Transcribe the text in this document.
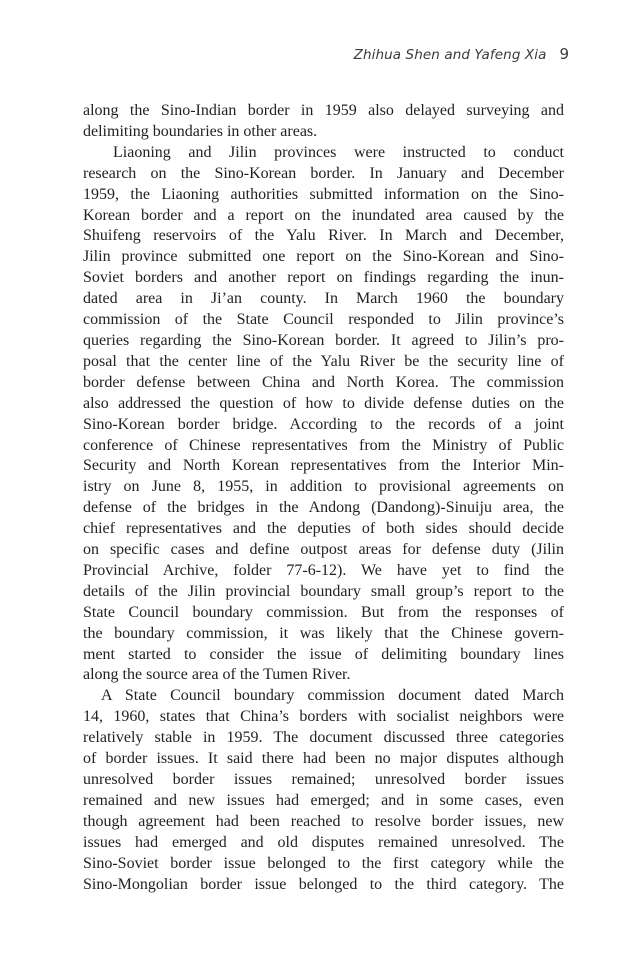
Zhihua Shen and Yafeng Xia 9
along the Sino-Indian border in 1959 also delayed surveying and
delimiting boundaries in other areas.
Liaoning and Jilin provinces were instructed to conduct
research on the Sino-Korean border. In January and December
1959, the Liaoning authorities submitted information on the Sino-
Korean border and a report on the inundated area caused by the
Shuifeng reservoirs of the Yalu River. In March and December,
Jilin province submitted one report on the Sino-Korean and Sino-
Soviet borders and another report on findings regarding the inun-
dated area in Ji’an county. In March 1960 the boundary
commission of the State Council responded to Jilin province’s
queries regarding the Sino-Korean border. It agreed to Jilin’s pro-
posal that the center line of the Yalu River be the security line of
border defense between China and North Korea. The commission
also addressed the question of how to divide defense duties on the
Sino-Korean border bridge. According to the records of a joint
conference of Chinese representatives from the Ministry of Public
Security and North Korean representatives from the Interior Min-
istry on June 8, 1955, in addition to provisional agreements on
defense of the bridges in the Andong (Dandong)-Sinuiju area, the
chief representatives and the deputies of both sides should decide
on specific cases and define outpost areas for defense duty (Jilin
Provincial Archive, folder 77-6-12). We have yet to find the
details of the Jilin provincial boundary small group’s report to the
State Council boundary commission. But from the responses of
the boundary commission, it was likely that the Chinese govern-
ment started to consider the issue of delimiting boundary lines
along the source area of the Tumen River.
A State Council boundary commission document dated March
14, 1960, states that China’s borders with socialist neighbors were
relatively stable in 1959. The document discussed three categories
of border issues. It said there had been no major disputes although
unresolved border issues remained; unresolved border issues
remained and new issues had emerged; and in some cases, even
though agreement had been reached to resolve border issues, new
issues had emerged and old disputes remained unresolved. The
Sino-Soviet border issue belonged to the first category while the
Sino-Mongolian border issue belonged to the third category. The
